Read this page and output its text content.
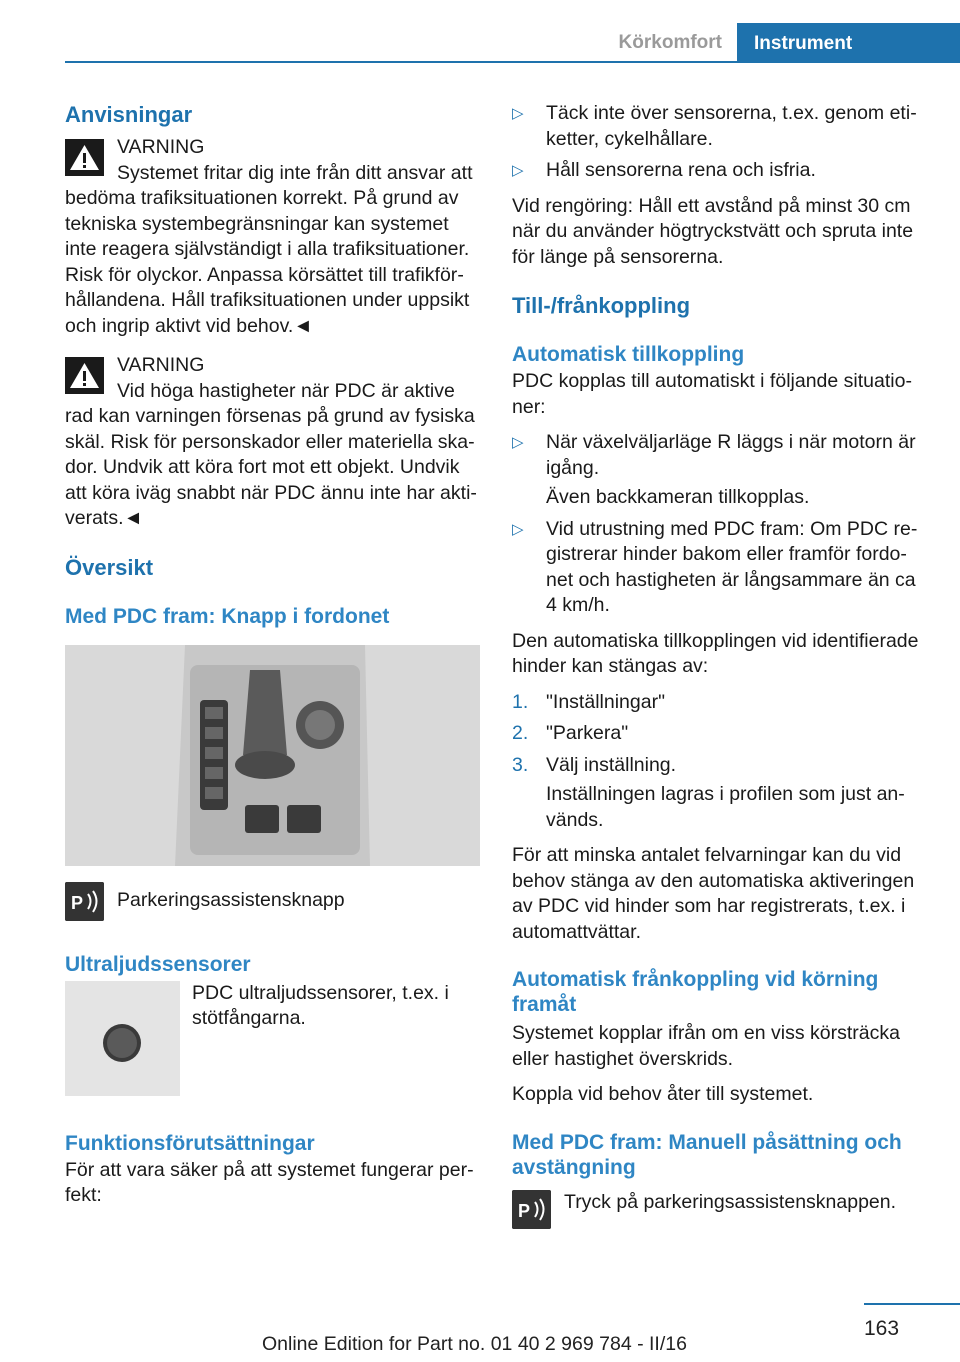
Körkomfort	Instrument
Anvisningar
VARNING
Systemet fritar dig inte från ditt ansvar att
bedöma trafiksituationen korrekt. På grund av tekniska systembegränsningar kan systemet inte reagera självständigt i alla trafiksituationer. Risk för olyckor. Anpassa körsättet till trafikförhållandena. Håll trafiksituationen under uppsikt och ingrip aktivt vid behov.◄
VARNING
Vid höga hastigheter när PDC är aktive
rad kan varningen försenas på grund av fysiska skäl. Risk för personskador eller materiella skador. Undvik att köra fort mot ett objekt. Undvik att köra iväg snabbt när PDC ännu inte har aktiverats.◄
Översikt
Med PDC fram: Knapp i fordonet
P Parkeringsassistensknapp
Ultraljudssensorer
PDC ultraljudssensorer, t.ex. i stötfångarna.
Funktionsförutsättningar
För att vara säker på att systemet fungerar perfekt:
▷ Täck inte över sensorerna, t.ex. genom etiketter, cykelhållare.
▷ Håll sensorerna rena och isfria.

Vid rengöring: Håll ett avstånd på minst 30 cm när du använder högtryckstvätt och spruta inte för länge på sensorerna.

Till-/frånkoppling
Automatisk tillkoppling

PDC kopplas till automatiskt i följande situationer:

▷ När växelväljarläge R läggs i när motorn är igång.
Även backkameran tillkopplas.
▷ Vid utrustning med PDC fram: Om PDC registrerar hinder bakom eller framför fordonet och hastigheten är långsammare än ca 4 km/h.

Den automatiska tillkopplingen vid identifierade hinder kan stängas av:

1. "Inställningar"
2. "Parkera"
3. Välj inställning.
Inställningen lagras i profilen som just används.

För att minska antalet felvarningar kan du vid behov stänga av den automatiska aktiveringen av PDC vid hinder som har registrerats, t.ex. i automattvättar.

Automatisk frånkoppling vid körning framåt

Systemet kopplar ifrån om en viss körsträcka eller hastighet överskrids.

Koppla vid behov åter till systemet.

Med PDC fram: Manuell påsättning och avstängning
P Tryck på parkeringsassistensknappen.
163
Online Edition for Part no. 01 40 2 969 784 - II/16
